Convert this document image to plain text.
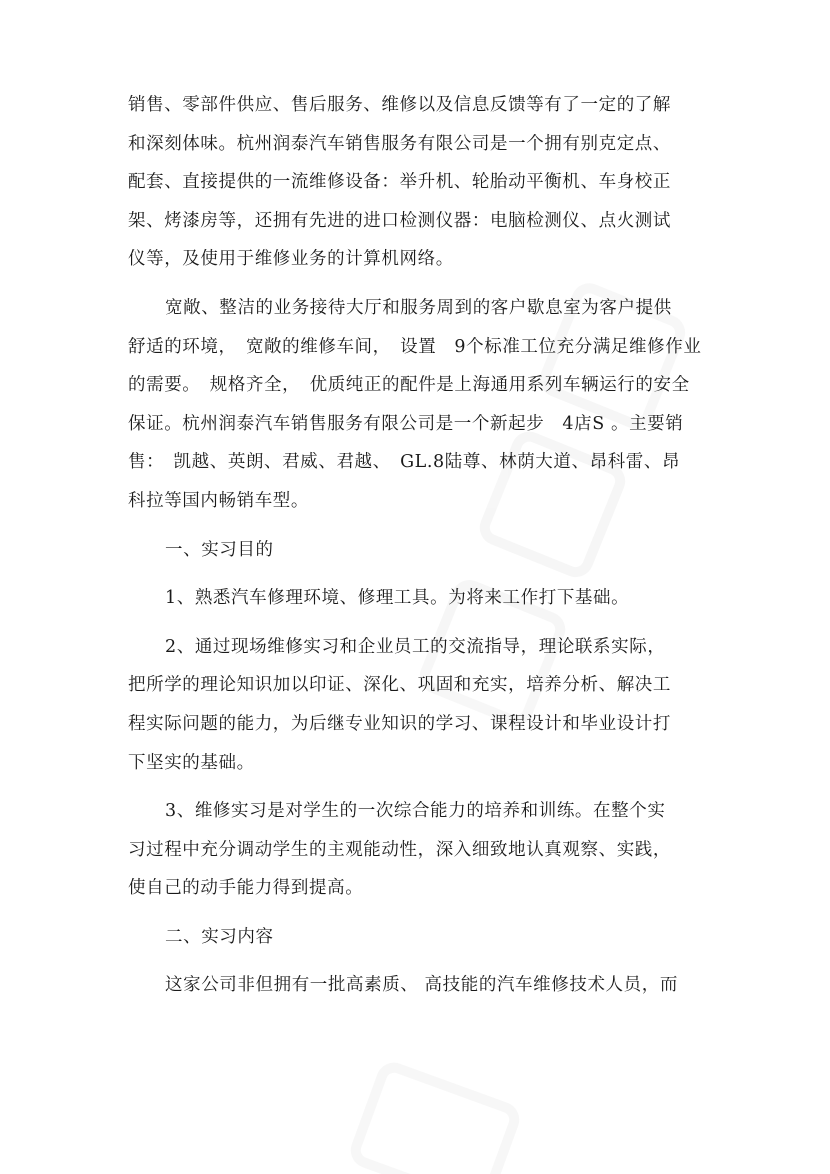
销售、零部件供应、售后服务、维修以及信息反馈等有了一定的了解
和深刻体味。杭州润泰汽车销售服务有限公司是一个拥有别克定点、
配套、直接提供的一流维修设备：举升机、轮胎动平衡机、车身校正
架、烤漆房等，还拥有先进的进口检测仪器：电脑检测仪、点火测试
仪等，及使用于维修业务的计算机网络。

宽敞、整洁的业务接待大厅和服务周到的客户歇息室为客户提供
舒适的环境，　宽敞的维修车间，　设置　9个标准工位充分满足维修作业
的需要。　规格齐全，　优质纯正的配件是上海通用系列车辆运行的安全
保证。杭州润泰汽车销售服务有限公司是一个新起步　4店S 。主要销
售：　凯越、英朗、君威、君越、　GL.8陆尊、林荫大道、昂科雷、昂
科拉等国内畅销车型。

一、实习目的

1、熟悉汽车修理环境、修理工具。为将来工作打下基础。

2、通过现场维修实习和企业员工的交流指导，理论联系实际，
把所学的理论知识加以印证、深化、巩固和充实，培养分析、解决工
程实际问题的能力，为后继专业知识的学习、课程设计和毕业设计打
下坚实的基础。

3、维修实习是对学生的一次综合能力的培养和训练。在整个实
习过程中充分调动学生的主观能动性，深入细致地认真观察、实践，
使自己的动手能力得到提高。

二、实习内容

这家公司非但拥有一批高素质、 高技能的汽车维修技术人员，而
